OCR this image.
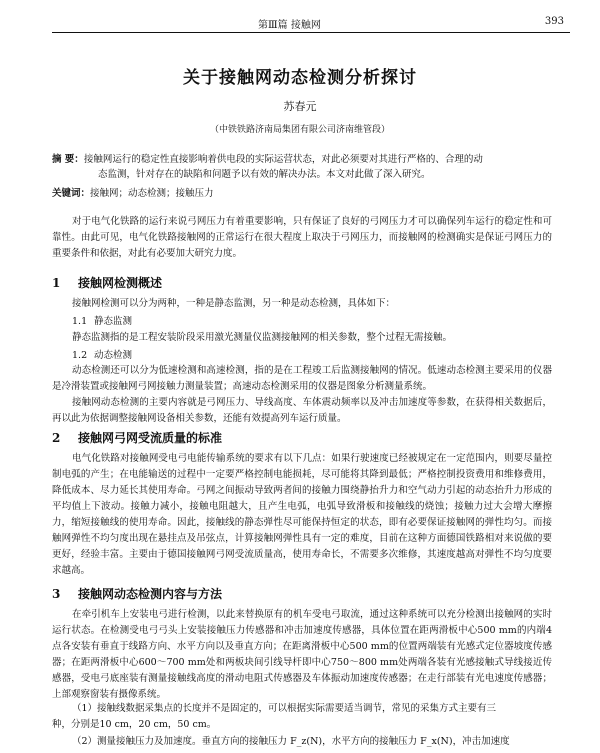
第Ⅲ篇 接触网	393
关于接触网动态检测分析探讨
苏春元
（中铁铁路济南局集团有限公司济南维管段）
摘 要：接触网运行的稳定性直接影响着供电段的实际运营状态，对此必须要对其进行严格的、合理的动
态监测，针对存在的缺陷和问题予以有效的解决办法。本文对此做了深入研究。
关键词：接触网；动态检测；接触压力
对于电气化铁路的运行来说弓网压力有着重要影响，只有保证了良好的弓网压力才可以确保列车运行的稳定性和可靠性。由此可见，电气化铁路接触网的正常运行在很大程度上取决于弓网压力，而接触网的检测确实是保证弓网压力的重要条件和依据，对此有必要加大研究力度。
1 接触网检测概述
接触网检测可以分为两种，一种是静态监测，另一种是动态检测，具体如下：
1.1 静态监测
静态监测指的是工程安装阶段采用激光测量仪监测接触网的相关参数，整个过程无需接触。
1.2 动态检测
动态检测还可以分为低速检测和高速检测，指的是在工程竣工后监测接触网的情况。低速动态检测主要采用的仪器是冷滑装置或接触网弓网接触力测量装置；高速动态检测采用的仪器是图象分析测量系统。
接触网动态检测的主要内容就是弓网压力、导线高度、车体震动频率以及冲击加速度等参数，在获得相关数据后，再以此为依据调整接触网设备相关参数，还能有效提高列车运行质量。
2 接触网弓网受流质量的标准
电气化铁路对接触网受电弓电能传输系统的要求有以下几点：如果行驶速度已经被规定在一定范围内，则要尽量控制电弧的产生；在电能输送的过程中一定要严格控制电能损耗，尽可能将其降到最低；严格控制投资费用和维修费用，降低成本、尽力延长其使用寿命。弓网之间振动导致两者间的接触力围绕静抬升力和空气动力引起的动态抬升力形成的平均值上下波动。接触力减小，接触电阻越大，且产生电弧，电弧导致滑板和接触线的烧蚀；接触力过大会增大摩擦力，缩短接触线的使用寿命。因此，接触线的静态弹性尽可能保持恒定的状态，即有必要保证接触网的弹性均匀。而接触网弹性不均匀度出现在悬挂点及吊弦点，计算接触网弹性具有一定的难度，目前在这种方面德国铁路相对来说做的要更好，经验丰富。主要由于德国接触网弓网受流质量高，使用寿命长，不需要多次维修，其速度越高对弹性不均匀度要求越高。
3 接触网动态检测内容与方法
在牵引机车上安装电弓进行检测，以此来替换原有的机车受电弓取流，通过这种系统可以充分检测出接触网的实时运行状态。在检测受电弓弓头上安装接触压力传感器和冲击加速度传感器，具体位置在距两滑板中心500 mm的内端4点各安装有垂直于线路方向、水平方向以及垂直方向；在距离滑板中心500 mm的位置两端装有光感式定位器坡度传感器；在距两滑板中心600～700 mm处和两板块间引线导杆即中心750～800 mm处两端各装有光感接触式导线接近传感器，受电弓底座装有测量接触线高度的滑动电阻式传感器及车体振动加速度传感器；在走行部装有光电速度传感器；上部观察窗装有摄像系统。
（1）接触线数据采集点的长度并不是固定的，可以根据实际需要适当调节，常见的采集方式主要有三
种，分别是10 cm，20 cm，50 cm。
（2）测量接触压力及加速度。垂直方向的接触压力 F_z(N)，水平方向的接触压力 F_x(N)，冲击加速度
